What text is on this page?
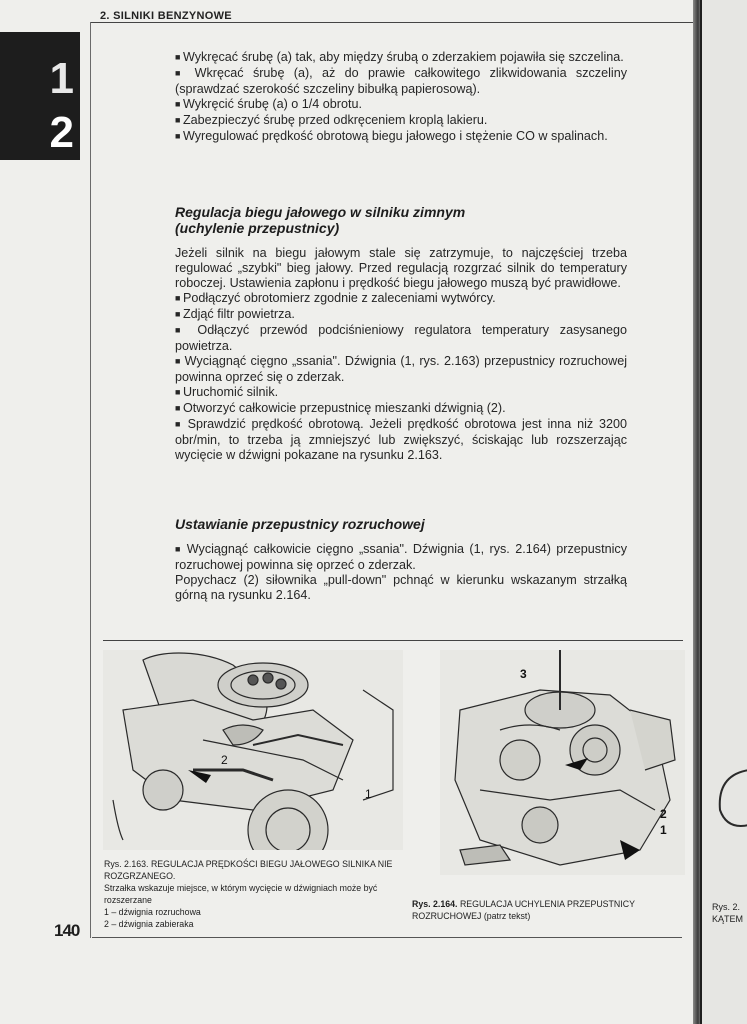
1
2
2. SILNIKI BENZYNOWE

■ Wykręcać śrubę (a) tak, aby między śrubą o zderzakiem pojawiła się szczelina.

■ Wkręcać śrubę (a), aż do prawie całkowitego zlikwidowania szczeliny (sprawdzać szerokość szczeliny bibułką papierosową).

■ Wykręcić śrubę (a) o 1/4 obrotu.

■ Zabezpieczyć śrubę przed odkręceniem kroplą lakieru.

■ Wyregulować prędkość obrotową biegu jałowego i stężenie CO w spalinach.

Regulacja biegu jałowego w silniku zimnym
(uchylenie przepustnicy)

Jeżeli silnik na biegu jałowym stale się zatrzymuje, to najczęściej trzeba regulować „szybki" bieg jałowy. Przed regulacją rozgrzać silnik do temperatury roboczej. Ustawienia zapłonu i prędkość biegu jałowego muszą być prawidłowe.

■ Podłączyć obrotomierz zgodnie z zaleceniami wytwórcy.

■ Zdjąć filtr powietrza.

■ Odłączyć przewód podciśnieniowy regulatora temperatury zasysanego powietrza.

■ Wyciągnąć cięgno „ssania". Dźwignia (1, rys. 2.163) przepustnicy rozruchowej powinna oprzeć się o zderzak.

■ Uruchomić silnik.

■ Otworzyć całkowicie przepustnicę mieszanki dźwignią (2).

■ Sprawdzić prędkość obrotową. Jeżeli prędkość obrotowa jest inna niż 3200 obr/min, to trzeba ją zmniejszyć lub zwiększyć, ściskając lub rozszerzając wycięcie w dźwigni pokazane na rysunku 2.163.

Ustawianie przepustnicy rozruchowej

■ Wyciągnąć całkowicie cięgno „ssania". Dźwignia (1, rys. 2.164) przepustnicy rozruchowej powinna się oprzeć o zderzak.

Popychacz (2) siłownika „pull-down" pchnąć w kierunku wskazanym strzałką górną na rysunku 2.164.

2
1

Rys. 2.163. REGULACJA PRĘDKOŚCI BIEGU JAŁOWEGO SILNIKA NIE ROZGRZANEGO.

Strzałka wskazuje miejsce, w którym wycięcie w dźwigniach może być rozszerzane

1 – dźwignia rozruchowa

2 – dźwignia zabieraka

3
2
1

Rys. 2.164. REGULACJA UCHYLENIA PRZEPUSTNICY ROZRUCHOWEJ (patrz tekst)

140
Rys. 2.
KĄTEM
